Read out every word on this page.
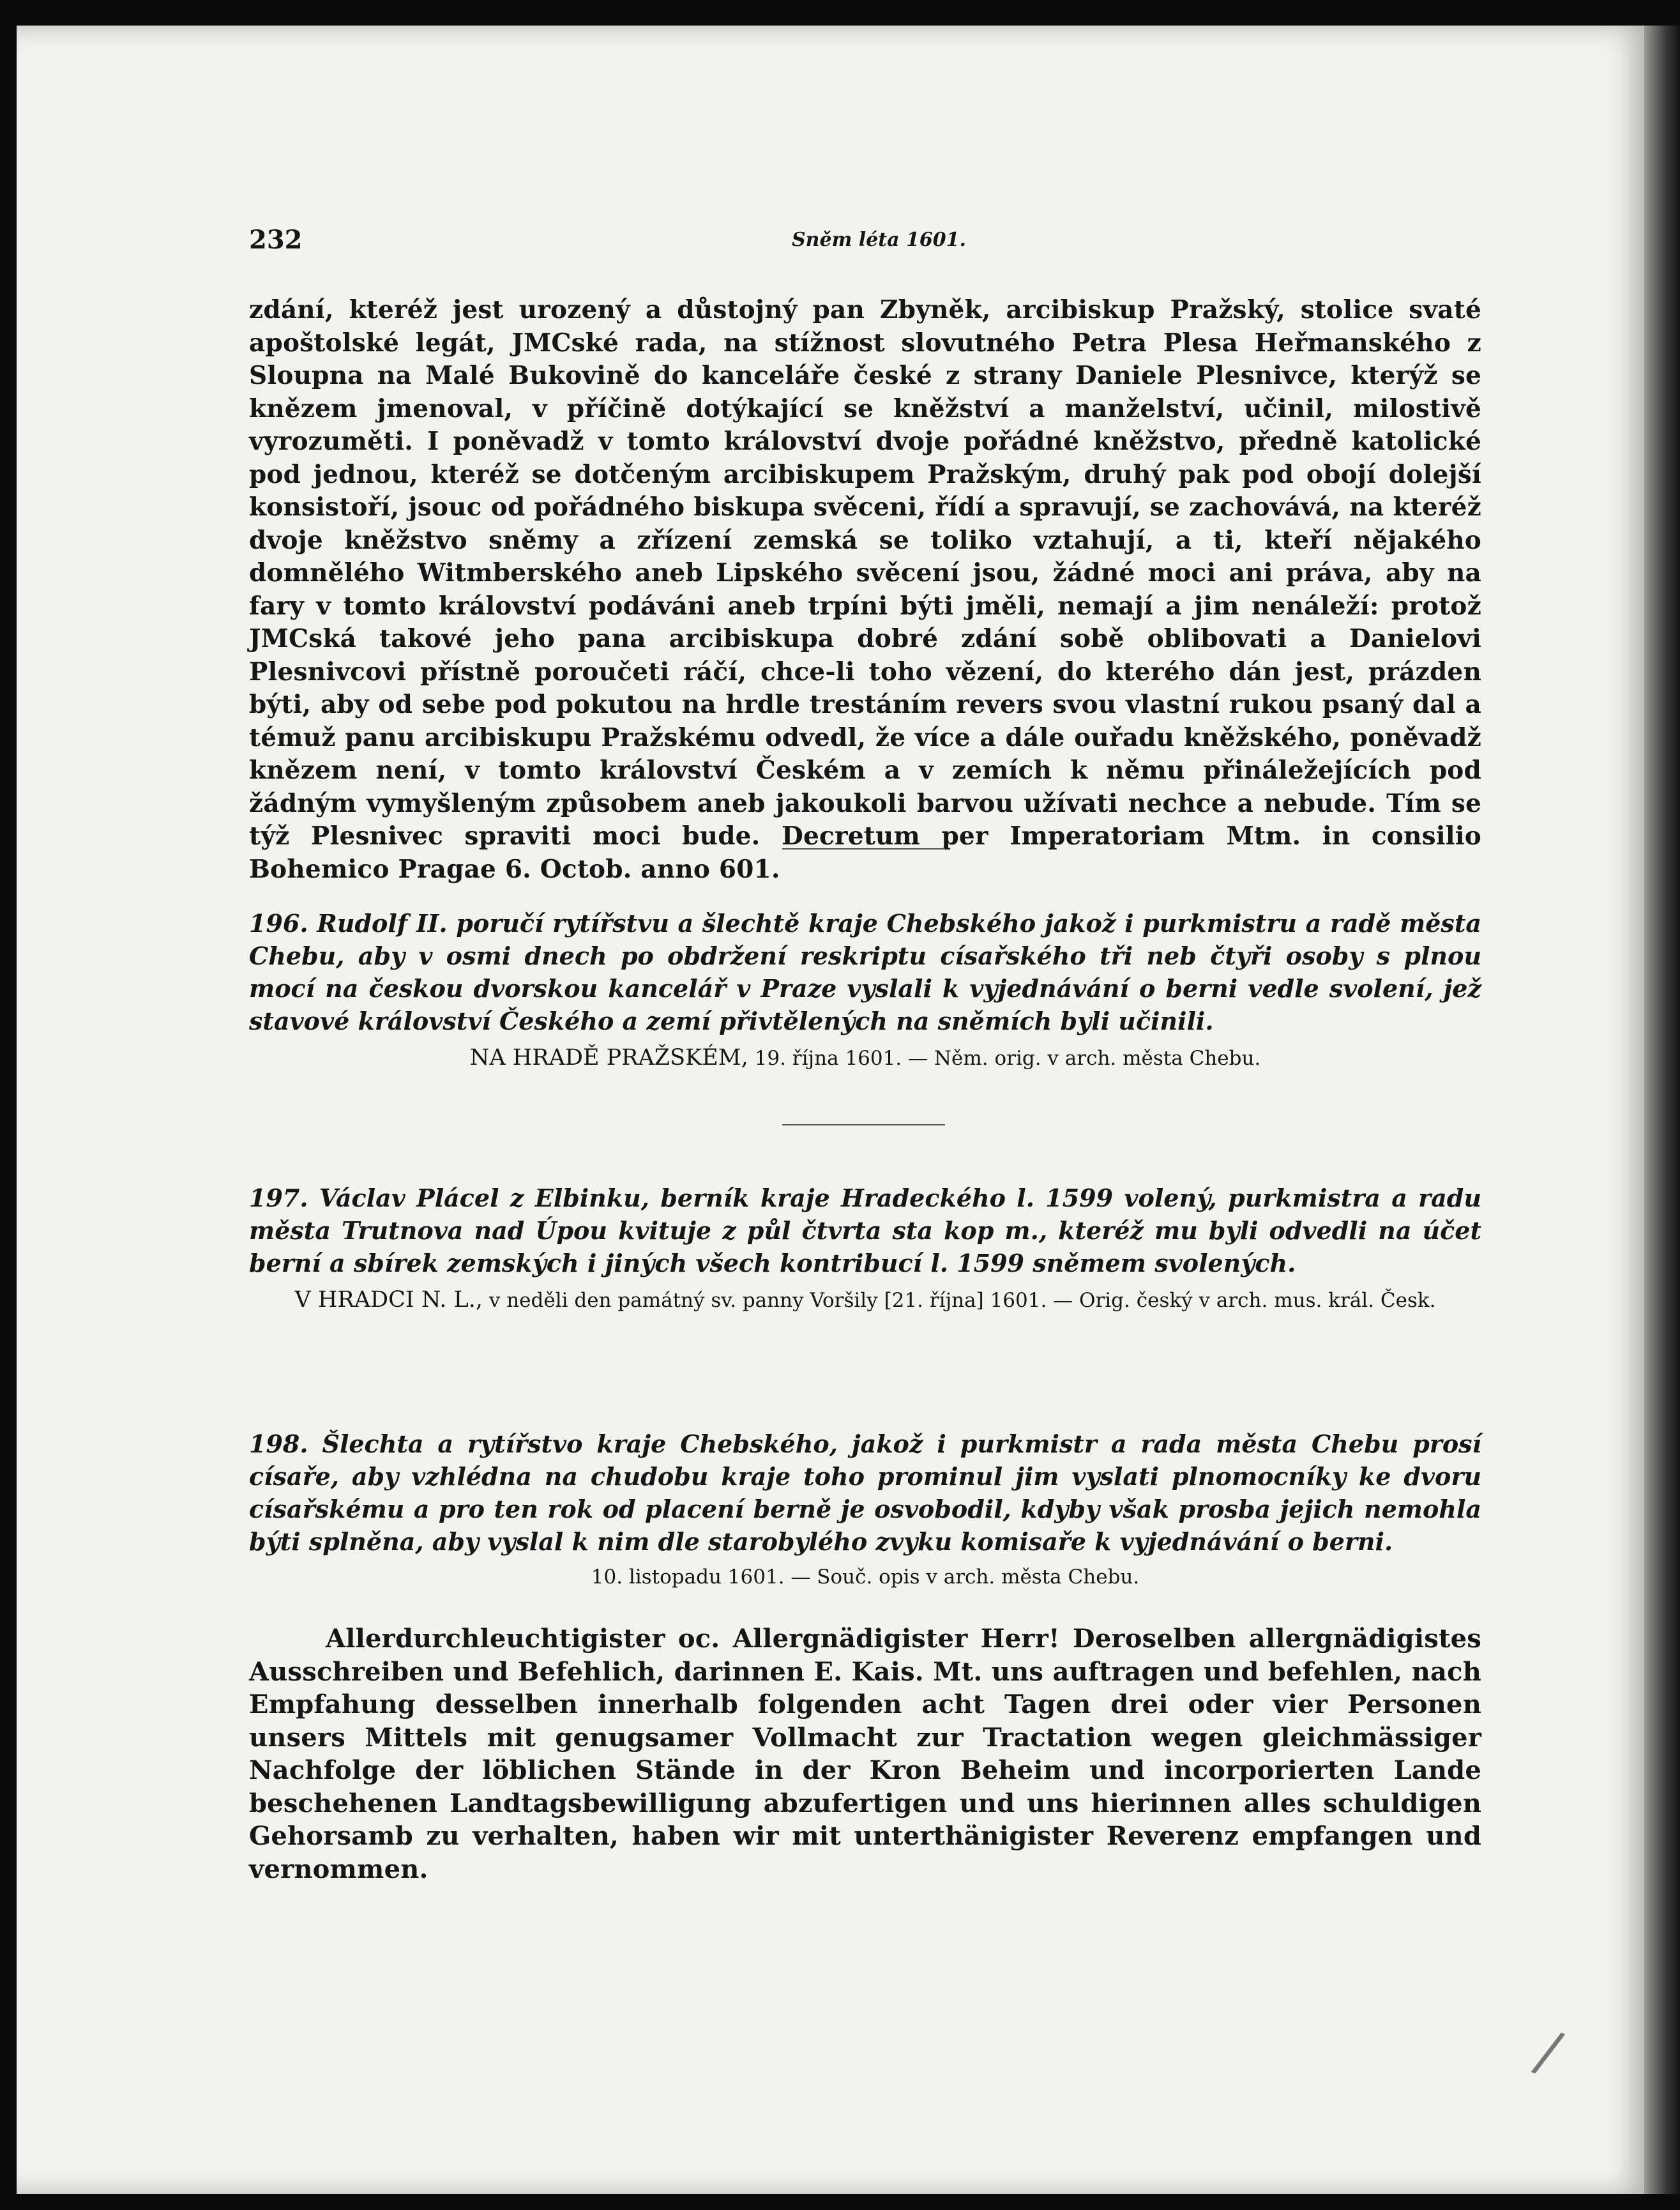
232	Sněm léta 1601.
zdání, kteréž jest urozený a důstojný pan Zbyněk, arcibiskup Pražský, stolice svaté apoštolské legát, JMCské rada, na stížnost slovutného Petra Plesa Heřmanského z Sloupna na Malé Bukovině do kanceláře české z strany Daniele Plesnivce, kterýž se knězem jmenoval, v příčině dotýkající se kněžství a manželství, učinil, milostivě vyrozuměti. I poněvadž v tomto království dvoje pořádné kněžstvo, předně katolické pod jednou, kteréž se dotčeným arcibiskupem Pražským, druhý pak pod obojí dolejší konsistoří, jsouc od pořádného biskupa svěceni, řídí a spravují, se zachovává, na kteréž dvoje kněžstvo sněmy a zřízení zemská se toliko vztahují, a ti, kteří nějakého domnělého Witmberského aneb Lipského svěcení jsou, žádné moci ani práva, aby na fary v tomto království podáváni aneb trpíni býti jměli, nemají a jim nenáleží: protož JMCská takové jeho pana arcibiskupa dobré zdání sobě oblibovati a Danielovi Plesnivcovi přístně poroučeti ráčí, chce-li toho vězení, do kterého dán jest, prázden býti, aby od sebe pod pokutou na hrdle trestáním revers svou vlastní rukou psaný dal a témuž panu arcibiskupu Pražskému odvedl, že více a dále ouřadu kněžského, poněvadž knězem není, v tomto království Českém a v zemích k němu přináležejících pod žádným vymyšleným způsobem aneb jakoukoli barvou užívati nechce a nebude. Tím se týž Plesnivec spraviti moci bude. Decretum per Imperatoriam Mtm. in consilio Bohemico Pragae 6. Octob. anno 601.
196. Rudolf II. poručí rytířstvu a šlechtě kraje Chebského jakož i purkmistru a radě města Chebu, aby v osmi dnech po obdržení reskriptu císařského tři neb čtyři osoby s plnou mocí na českou dvorskou kancelář v Praze vyslali k vyjednávání o berni vedle svolení, jež stavové království Českého a zemí přivtělených na sněmích byli učinili.
NA HRADĚ PRAŽSKÉM, 19. října 1601. — Něm. orig. v arch. města Chebu.
197. Václav Plácel z Elbinku, berník kraje Hradeckého l. 1599 volený, purkmistra a radu města Trutnova nad Úpou kvituje z půl čtvrta sta kop m., kteréž mu byli odvedli na účet berní a sbírek zemských i jiných všech kontribucí l. 1599 sněmem svolených.
V HRADCI N. L., v neděli den památný sv. panny Voršily [21. října] 1601. — Orig. český v arch. mus. král. Česk.
198. Šlechta a rytířstvo kraje Chebského, jakož i purkmistr a rada města Chebu prosí císaře, aby vzhlédna na chudobu kraje toho prominul jim vyslati plnomocníky ke dvoru císařskému a pro ten rok od placení berně je osvobodil, kdyby však prosba jejich nemohla býti splněna, aby vyslal k nim dle starobylého zvyku komisaře k vyjednávání o berni.
10. listopadu 1601. — Souč. opis v arch. města Chebu.
Allerdurchleuchtigister oc. Allergnädigister Herr! Deroselben allergnädigistes Ausschreiben und Befehlich, darinnen E. Kais. Mt. uns auftragen und befehlen, nach Empfahung desselben innerhalb folgenden acht Tagen drei oder vier Personen unsers Mittels mit genugsamer Vollmacht zur Tractation wegen gleichmässiger Nachfolge der löblichen Stände in der Kron Beheim und incorporierten Lande beschehenen Landtagsbewilligung abzufertigen und uns hierinnen alles schuldigen Gehorsamb zu verhalten, haben wir mit unterthänigister Reverenz empfangen und vernommen.
/
